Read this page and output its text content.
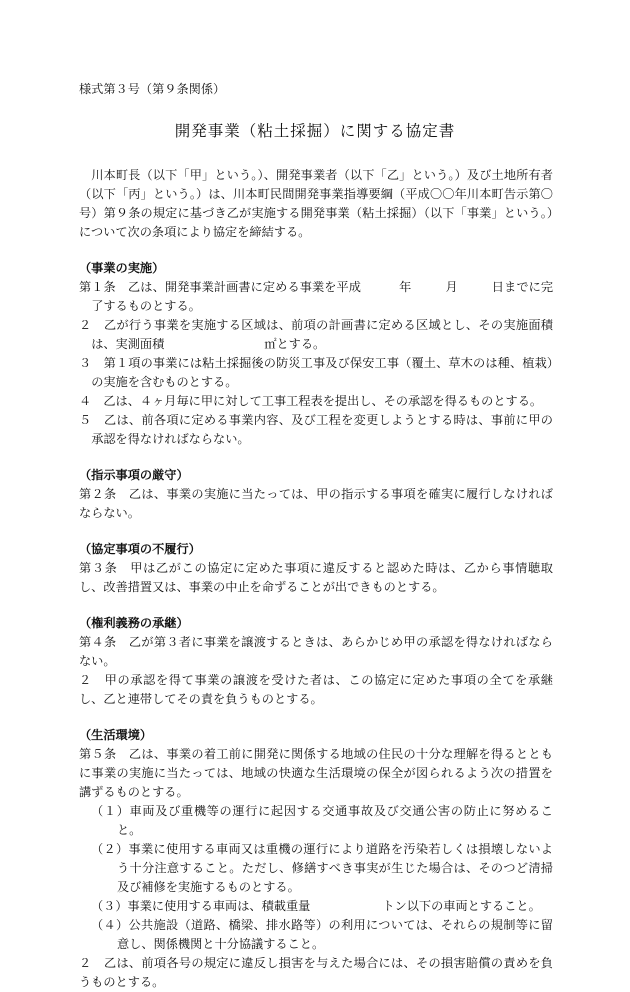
様式第３号（第９条関係）
開発事業（粘土採掘）に関する協定書

川本町長（以下「甲」という。）、開発事業者（以下「乙」という。）及び土地所有者（以下「丙」という。）は、川本町民間開発事業指導要綱（平成〇〇年川本町告示第〇号）第９条の規定に基づき乙が実施する開発事業（粘土採掘）（以下「事業」という。）について次の条項により協定を締結する。

（事業の実施）

第１条　乙は、開発事業計画書に定める事業を平成	年	月	日までに完了するものとする。

２　乙が行う事業を実施する区域は、前項の計画書に定める区域とし、その実施面積は、実測面積	㎡とする。

３　第１項の事業には粘土採掘後の防災工事及び保安工事（覆土、草木のは種、植栽）の実施を含むものとする。

４　乙は、４ヶ月毎に甲に対して工事工程表を提出し、その承認を得るものとする。

５　乙は、前各項に定める事業内容、及び工程を変更しようとする時は、事前に甲の承認を得なければならない。

（指示事項の厳守）

第２条　乙は、事業の実施に当たっては、甲の指示する事項を確実に履行しなければならない。

（協定事項の不履行）

第３条　甲は乙がこの協定に定めた事項に違反すると認めた時は、乙から事情聴取し、改善措置又は、事業の中止を命ずることが出できものとする。

（権利義務の承継）

第４条　乙が第３者に事業を譲渡するときは、あらかじめ甲の承認を得なければならない。

２　甲の承認を得て事業の譲渡を受けた者は、この協定に定めた事項の全てを承継し、乙と連帯してその責を負うものとする。

（生活環境）

第５条　乙は、事業の着工前に開発に関係する地域の住民の十分な理解を得るとともに事業の実施に当たっては、地域の快適な生活環境の保全が図られるよう次の措置を講ずるものとする。

（１）車両及び重機等の運行に起因する交通事故及び交通公害の防止に努めること。

（２）事業に使用する車両又は重機の運行により道路を汚染若しくは損壊しないよう十分注意すること。ただし、修繕すべき事実が生じた場合は、そのつど清掃及び補修を実施するものとする。

（３）事業に使用する車両は、積載重量	トン以下の車両とすること。

（４）公共施設（道路、橋梁、排水路等）の利用については、それらの規制等に留意し、関係機関と十分協議すること。

２　乙は、前項各号の規定に違反し損害を与えた場合には、その損害賠償の責めを負うものとする。
